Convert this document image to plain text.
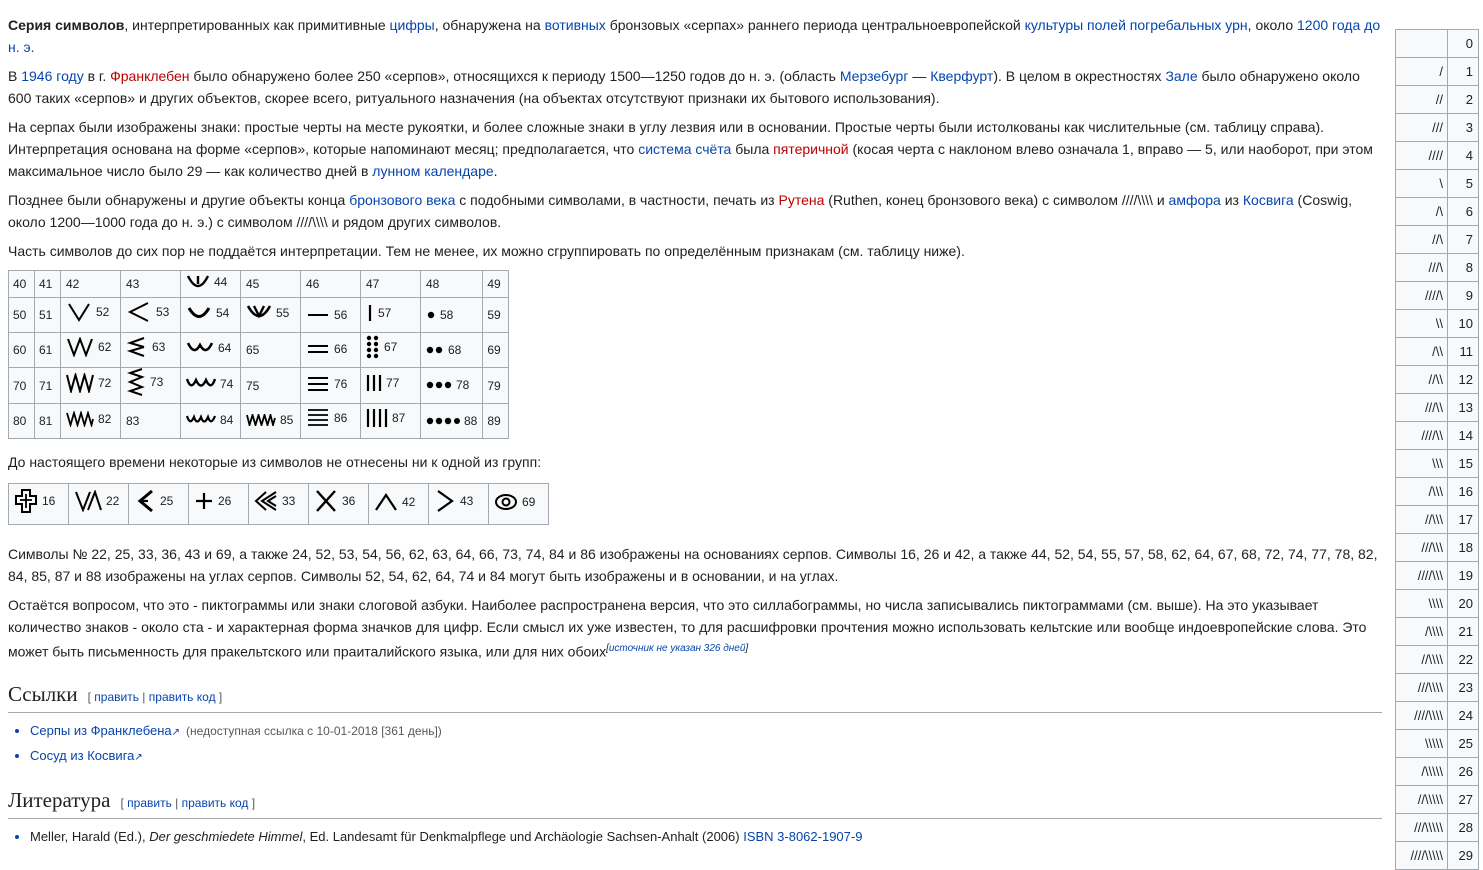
Серия символов, интерпретированных как примитивные цифры, обнаружена на вотивных бронзовых «серпах» раннего периода центральноевропейской культуры полей погребальных урн, около 1200 года до н. э.

В 1946 году в г. Франклебен было обнаружено более 250 «серпов», относящихся к периоду 1500—1250 годов до н. э. (область Мерзебург — Кверфурт). В целом в окрестностях Зале было обнаружено около 600 таких «серпов» и других объектов, скорее всего, ритуального назначения (на объектах отсутствуют признаки их бытового использования).

На серпах были изображены знаки: простые черты на месте рукоятки, и более сложные знаки в углу лезвия или в основании. Простые черты были истолкованы как числительные (см. таблицу справа). Интерпретация основана на форме «серпов», которые напоминают месяц; предполагается, что система счёта была пятеричной (косая черта с наклоном влево означала 1, вправо — 5, или наоборот, при этом максимальное число было 29 — как количество дней в лунном календаре.

Позднее были обнаружены и другие объекты конца бронзового века с подобными символами, в частности, печать из Рутена (Ruthen, конец бронзового века) с символом ////\\\\ и амфора из Косвига (Coswig, около 1200—1000 года до н. э.) с символом ////\\\\ и рядом других символов.

Часть символов до сих пор не поддаётся интерпретации. Тем не менее, их можно сгруппировать по определённым признакам (см. таблицу ниже).

40	41	42	43	44	45	46	47	48	49
50	51	52	53	54	55	56	57	58	59
60	61	62	63	64	65	66	67	68	69
70	71	72	73	74	75	76	77	78	79
80	81	82	83	84	85	86	87	88	89

До настоящего времени некоторые из символов не отнесены ни к одной из групп:

16	22	25	26	33	36	42	43	69

Символы № 22, 25, 33, 36, 43 и 69, а также 24, 52, 53, 54, 56, 62, 63, 64, 66, 73, 74, 84 и 86 изображены на основаниях серпов. Символы 16, 26 и 42, а также 44, 52, 54, 55, 57, 58, 62, 64, 67, 68, 72, 74, 77, 78, 82, 84, 85, 87 и 88 изображены на углах серпов. Символы 52, 54, 62, 64, 74 и 84 могут быть изображены и в основании, и на углах.

Остаётся вопросом, что это - пиктограммы или знаки слоговой азбуки. Наиболее распространена версия, что это силлабограммы, но числа записывались пиктограммами (см. выше). На это указывает количество знаков - около ста - и характерная форма значков для цифр. Если смысл их уже известен, то для расшифровки прочтения можно использовать кельтские или вообще индоевропейские слова. Это может быть письменность для пракельтского или праиталийского языка, или для них обоих[источник не указан 326 дней]

Ссылки [ править | править код ]
• Серпы из Франклебена↗ (недоступная ссылка с 10-01-2018 [361 день])
• Сосуд из Косвига↗
Литература [ править | править код ]
• Meller, Harald (Ed.), Der geschmiedete Himmel, Ed. Landesamt für Denkmalpflege und Archäologie Sachsen-Anhalt (2006) ISBN 3-8062-1907-9
	0
/	1
//	2
///	3
////	4
\	5
/\	6
//\	7
///\	8
////\	9
\\	10
/\\	11
//\\	12
///\\	13
////\\	14
\\\	15
/\\\	16
//\\\	17
///\\\	18
////\\\	19
\\\\	20
/\\\\	21
//\\\\	22
///\\\\	23
////\\\\	24
\\\\\	25
/\\\\\	26
//\\\\\	27
///\\\\\	28
////\\\\\	29
